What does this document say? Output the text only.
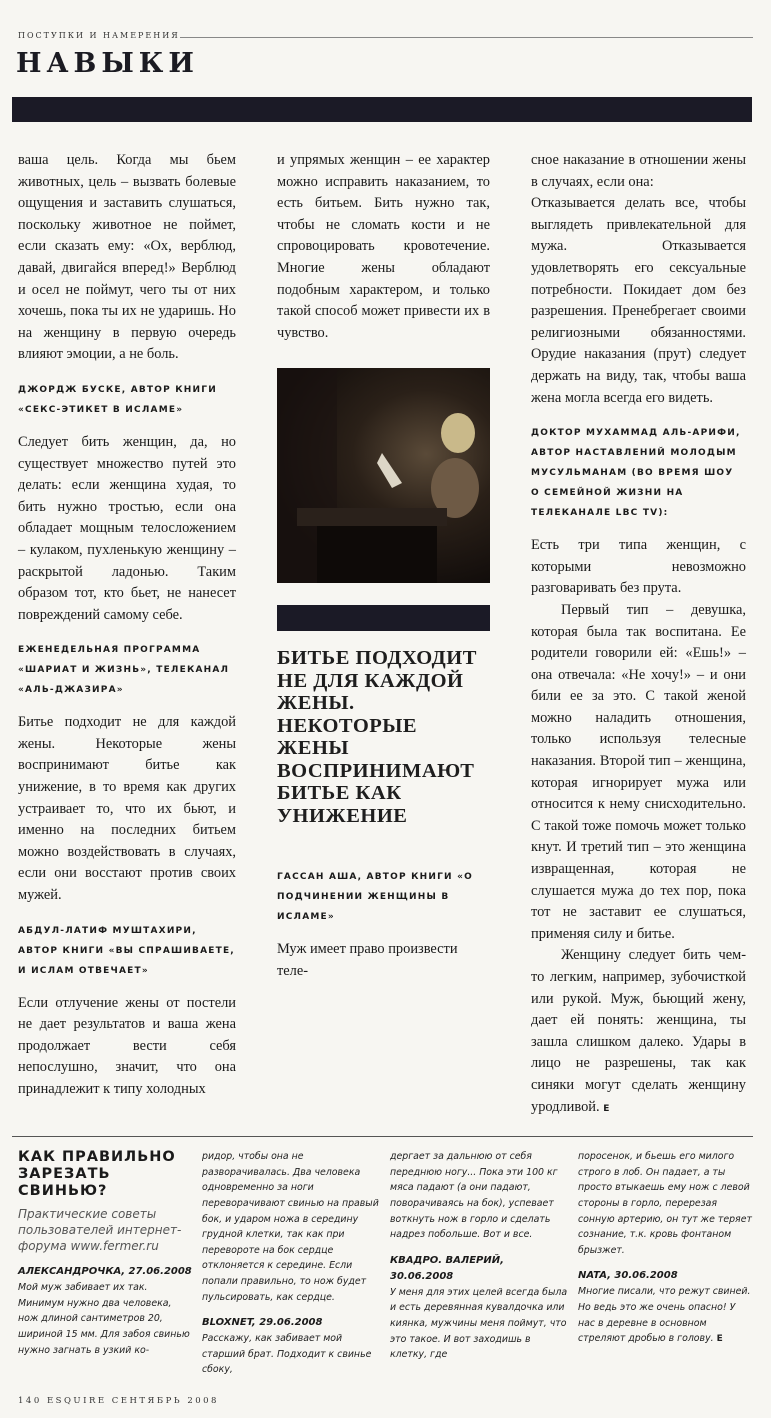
ПОСТУПКИ И НАМЕРЕНИЯ
НАВЫКИ
ваша цель. Когда мы бьем животных, цель – вызвать болевые ощущения и заставить слушаться, поскольку животное не поймет, если сказать ему: «Ох, верблюд, давай, двигайся вперед!» Верблюд и осел не поймут, чего ты от них хочешь, пока ты их не ударишь. Но на женщину в первую очередь влияют эмоции, а не боль.
ДЖОРДЖ БУСКЕ, АВТОР КНИГИ «СЕКС-ЭТИКЕТ В ИСЛАМЕ»
Следует бить женщин, да, но существует множество путей это делать: если женщина худая, то бить нужно тростью, если она обладает мощным телосложением – кулаком, пухленькую женщину – раскрытой ладонью. Таким образом тот, кто бьет, не нанесет повреждений самому себе.
ЕЖЕНЕДЕЛЬНАЯ ПРОГРАММА «ШАРИАТ И ЖИЗНЬ», ТЕЛЕКАНАЛ «АЛЬ-ДЖАЗИРА»
Битье подходит не для каждой жены. Некоторые жены воспринимают битье как унижение, в то время как других устраивает то, что их бьют, и именно на последних битьем можно воздействовать в случаях, если они восстают против своих мужей.
АБДУЛ-ЛАТИФ МУШТАХИРИ, АВТОР КНИГИ «ВЫ СПРАШИВАЕТЕ, И ИСЛАМ ОТВЕЧАЕТ»
Если отлучение жены от постели не дает результатов и ваша жена продолжает вести себя непослушно, значит, что она принадлежит к типу холодных
и упрямых женщин – ее характер можно исправить наказанием, то есть битьем. Бить нужно так, чтобы не сломать кости и не спровоцировать кровотечение. Многие жены обладают подобным характером, и только такой способ может привести их в чувство.
БИТЬЕ ПОДХОДИТ НЕ ДЛЯ КАЖДОЙ ЖЕНЫ. НЕКОТОРЫЕ ЖЕНЫ ВОСПРИНИМАЮТ БИТЬЕ КАК УНИЖЕНИЕ
ГАССАН АША, АВТОР КНИГИ «О ПОДЧИНЕНИИ ЖЕНЩИНЫ В ИСЛАМЕ»
Муж имеет право произвести теле-
сное наказание в отношении жены в случаях, если она:
Отказывается делать все, чтобы выглядеть привлекательной для мужа. Отказывается удовлетворять его сексуальные потребности. Покидает дом без разрешения. Пренебрегает своими религиозными обязанностями. Орудие наказания (прут) следует держать на виду, так, чтобы ваша жена могла всегда его видеть.
ДОКТОР МУХАММАД АЛЬ-АРИФИ, АВТОР НАСТАВЛЕНИЙ МОЛОДЫМ МУСУЛЬМАНАМ (ВО ВРЕМЯ ШОУ О СЕМЕЙНОЙ ЖИЗНИ НА ТЕЛЕКАНАЛЕ LBC TV):
Есть три типа женщин, с которыми невозможно разговаривать без прута.
Первый тип – девушка, которая была так воспитана. Ее родители говорили ей: «Ешь!» – она отвечала: «Не хочу!» – и они били ее за это. С такой женой можно наладить отношения, только используя телесные наказания. Второй тип – женщина, которая игнорирует мужа или относится к нему снисходительно. С такой тоже помочь может только кнут. И третий тип – это женщина извращенная, которая не слушается мужа до тех пор, пока тот не заставит ее слушаться, применяя силу и битье.
Женщину следует бить чем-то легким, например, зубочисткой или рукой. Муж, бьющий жену, дает ей понять: женщина, ты зашла слишком далеко. Удары в лицо не разрешены, так как синяки могут сделать женщину уродливой. E
КАК ПРАВИЛЬНО
ЗАРЕЗАТЬ СВИНЬЮ?
Практические советы пользователей интернет-форума www.fermer.ru
АЛЕКСАНДРОЧКА, 27.06.2008
Мой муж забивает их так. Минимум нужно два человека, нож длиной сантиметров 20, шириной 15 мм. Для забоя свинью нужно загнать в узкий ко-
ридор, чтобы она не разворачивалась. Два человека одновременно за ноги переворачивают свинью на правый бок, и ударом ножа в середину грудной клетки, так как при перевороте на бок сердце отклоняется к середине. Если попали правильно, то нож будет пульсировать, как сердце.
BLOXNET, 29.06.2008
Расскажу, как забивает мой старший брат. Подходит к свинье сбоку,
дергает за дальнюю от себя переднюю ногу... Пока эти 100 кг мяса падают (а они падают, поворачиваясь на бок), успевает воткнуть нож в горло и сделать надрез побольше. Вот и все.
КВАДРО. ВАЛЕРИЙ, 30.06.2008
У меня для этих целей всегда была и есть деревянная кувалдочка или киянка, мужчины меня поймут, что это такое. И вот заходишь в клетку, где
поросенок, и бьешь его милого строго в лоб. Он падает, а ты просто втыкаешь ему нож с левой стороны в горло, перерезая сонную артерию, он тут же теряет сознание, т.к. кровь фонтаном брызжет.
NATA, 30.06.2008
Многие писали, что режут свиней. Но ведь это же очень опасно! У нас в деревне в основном стреляют дробью в голову. E
140 ESQUIRE СЕНТЯБРЬ 2008
